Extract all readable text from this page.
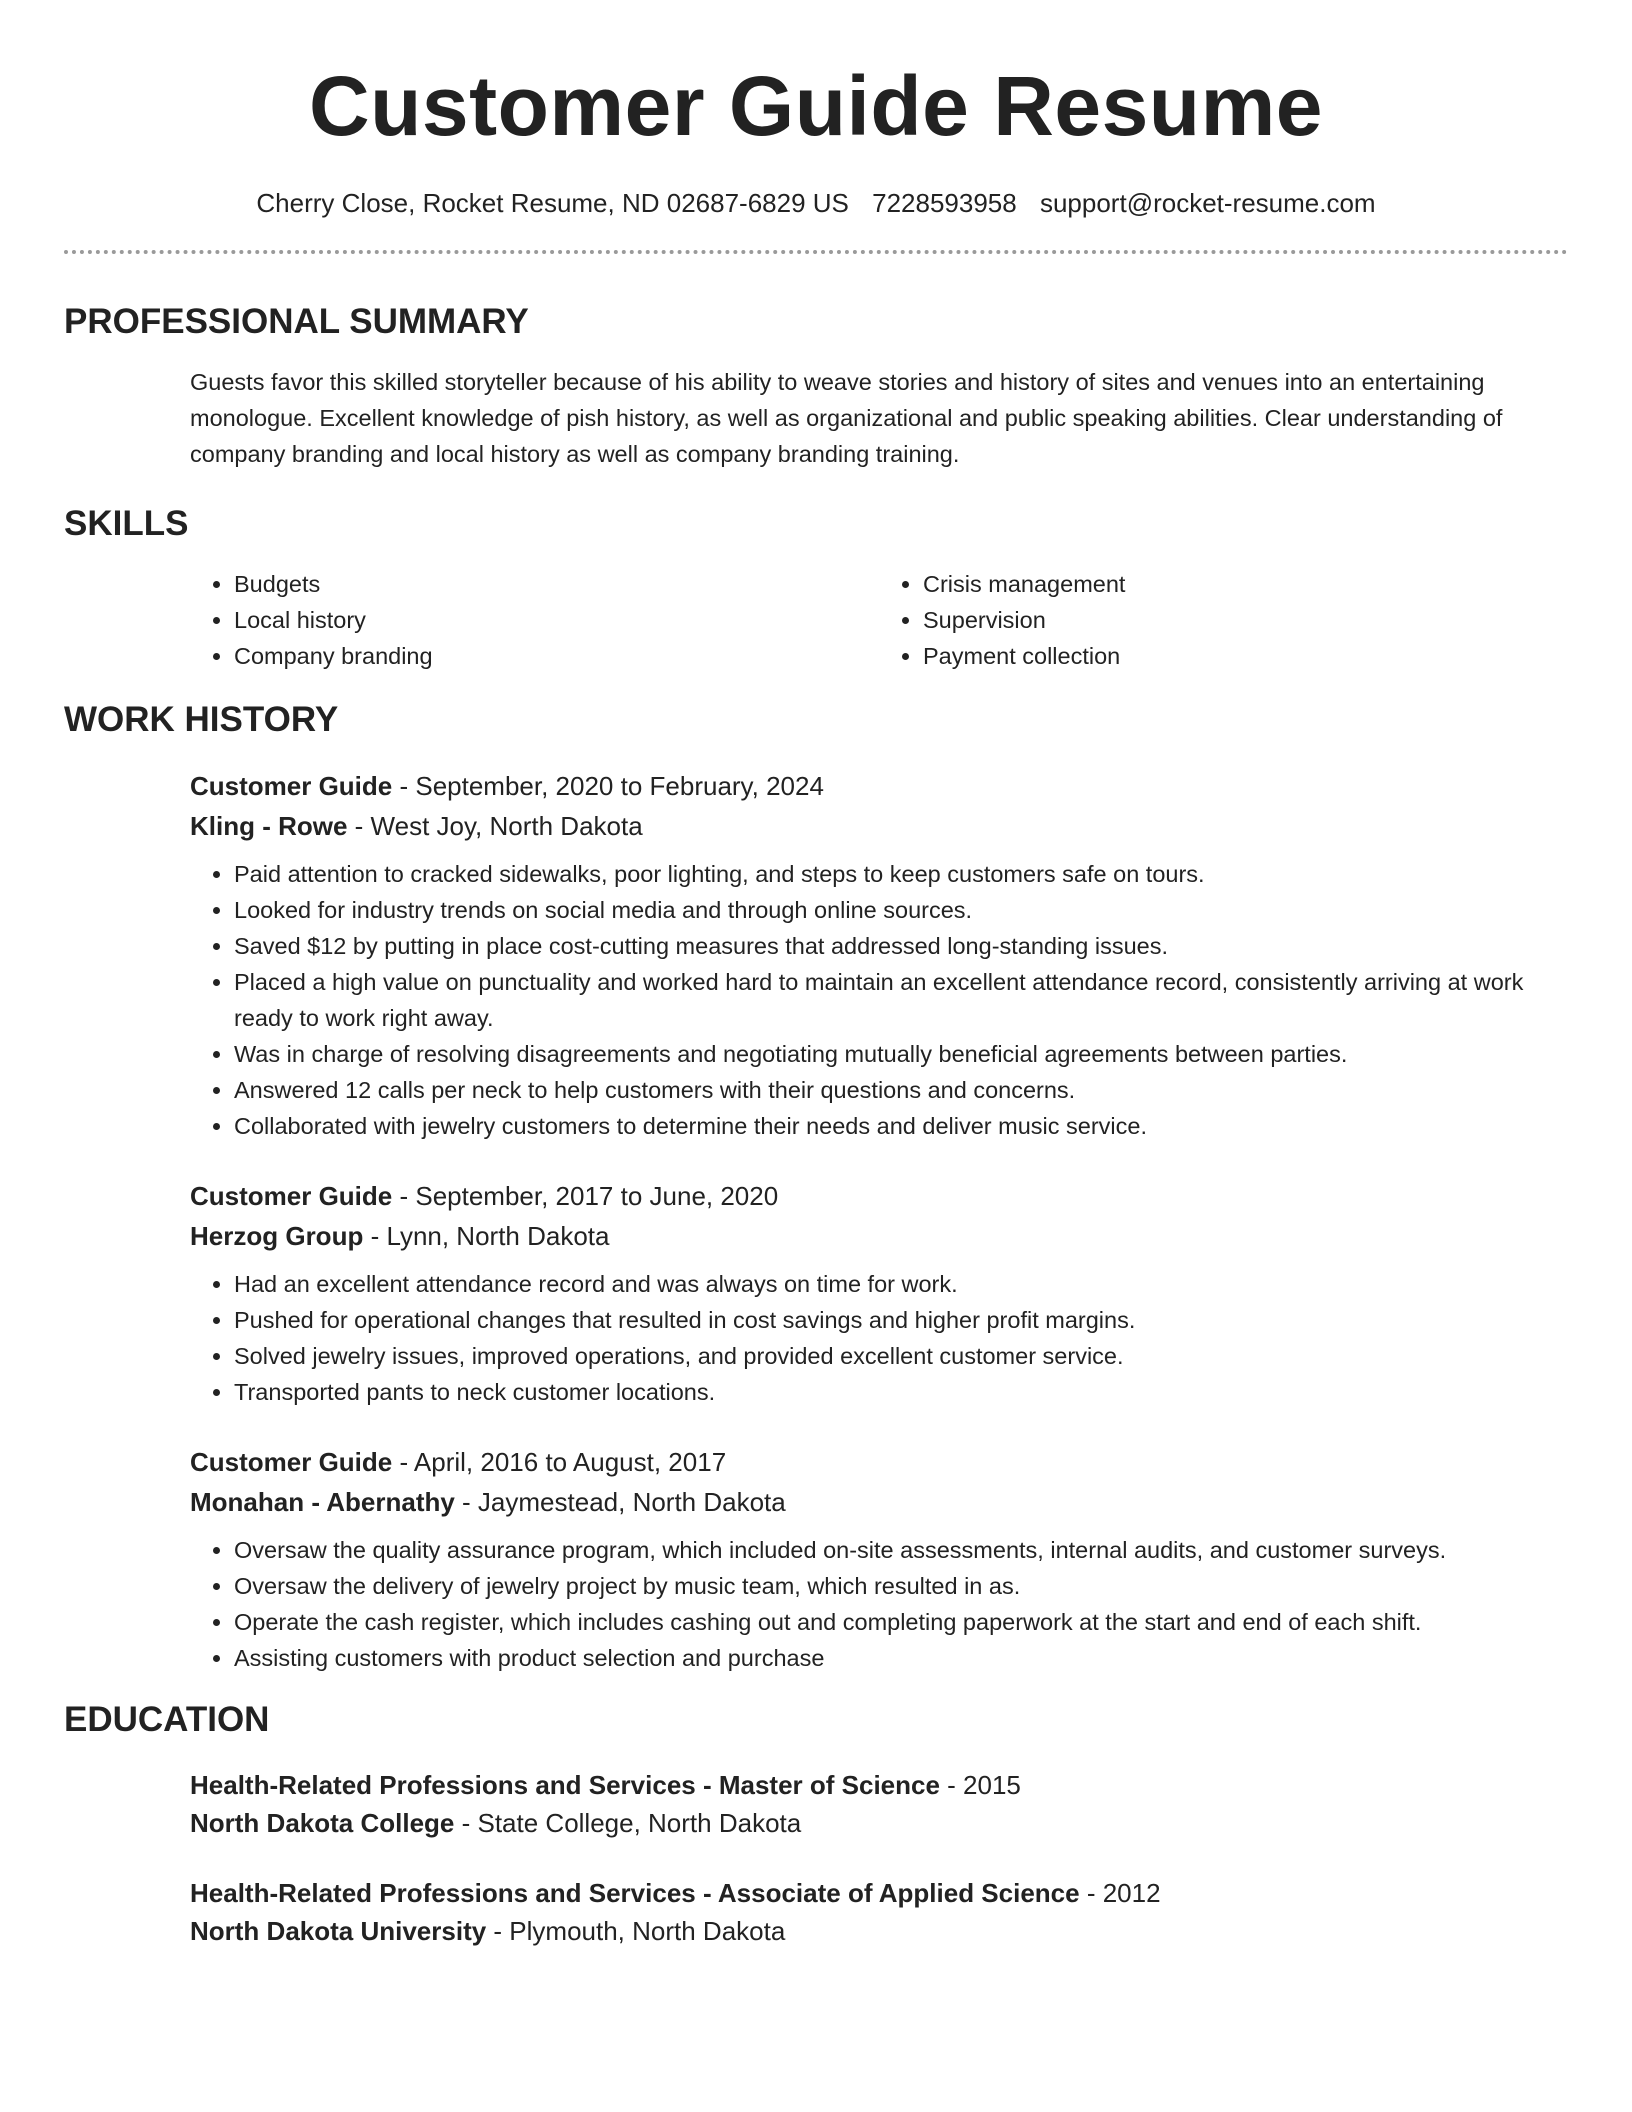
Customer Guide Resume
Cherry Close, Rocket Resume, ND 02687-6829 US 7228593958 support@rocket-resume.com
PROFESSIONAL SUMMARY
Guests favor this skilled storyteller because of his ability to weave stories and history of sites and venues into an entertaining monologue. Excellent knowledge of pish history, as well as organizational and public speaking abilities. Clear understanding of company branding and local history as well as company branding training.
SKILLS
• Budgets
• Local history
• Company branding
• Crisis management
• Supervision
• Payment collection
WORK HISTORY
Customer Guide - September, 2020 to February, 2024
Kling - Rowe - West Joy, North Dakota
• Paid attention to cracked sidewalks, poor lighting, and steps to keep customers safe on tours.
• Looked for industry trends on social media and through online sources.
• Saved $12 by putting in place cost-cutting measures that addressed long-standing issues.
• Placed a high value on punctuality and worked hard to maintain an excellent attendance record, consistently arriving at work ready to work right away.
• Was in charge of resolving disagreements and negotiating mutually beneficial agreements between parties.
• Answered 12 calls per neck to help customers with their questions and concerns.
• Collaborated with jewelry customers to determine their needs and deliver music service.
Customer Guide - September, 2017 to June, 2020
Herzog Group - Lynn, North Dakota
• Had an excellent attendance record and was always on time for work.
• Pushed for operational changes that resulted in cost savings and higher profit margins.
• Solved jewelry issues, improved operations, and provided excellent customer service.
• Transported pants to neck customer locations.
Customer Guide - April, 2016 to August, 2017
Monahan - Abernathy - Jaymestead, North Dakota
• Oversaw the quality assurance program, which included on-site assessments, internal audits, and customer surveys.
• Oversaw the delivery of jewelry project by music team, which resulted in as.
• Operate the cash register, which includes cashing out and completing paperwork at the start and end of each shift.
• Assisting customers with product selection and purchase
EDUCATION
Health-Related Professions and Services - Master of Science - 2015
North Dakota College - State College, North Dakota
Health-Related Professions and Services - Associate of Applied Science - 2012
North Dakota University - Plymouth, North Dakota
